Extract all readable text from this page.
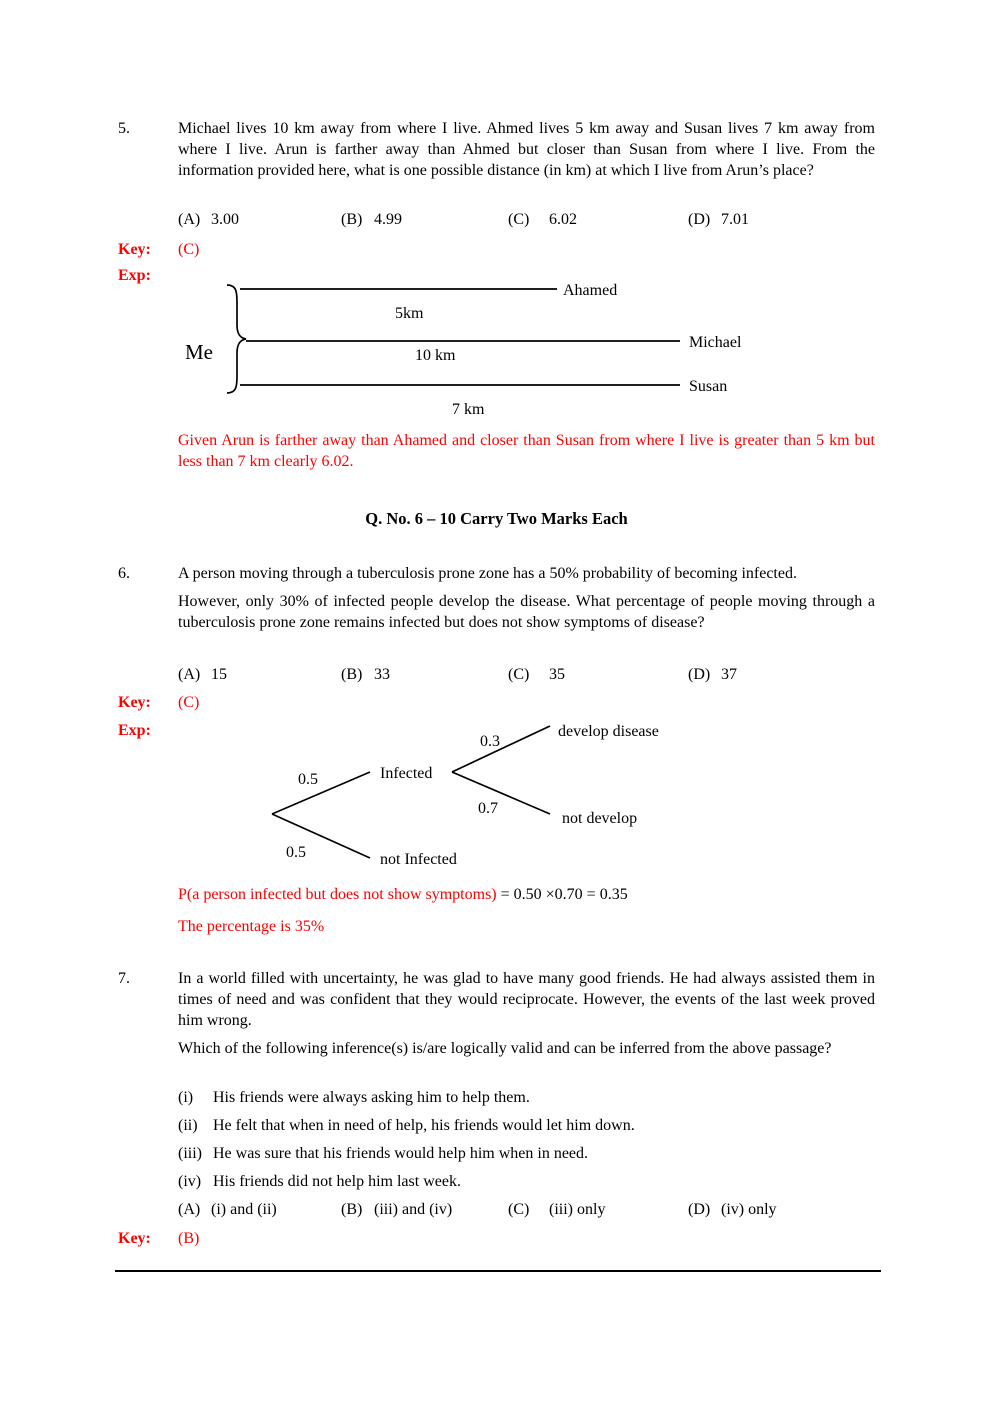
5.	Michael lives 10 km away from where I live. Ahmed lives 5 km away and Susan lives 7 km away from where I live. Arun is farther away than Ahmed but closer than Susan from where I live. From the information provided here, what is one possible distance (in km) at which I live from Arun’s place?
(A) 3.00	(B) 4.99	(C) 6.02	(D) 7.01
Key:	(C)
Exp:
Me
Ahamed
5km
Michael
10 km
Susan
7 km
Given Arun is farther away than Ahamed and closer than Susan from where I live is greater than 5 km but less than 7 km clearly 6.02.
Q. No. 6 – 10 Carry Two Marks Each
6.	A person moving through a tuberculosis prone zone has a 50% probability of becoming infected.
However, only 30% of infected people develop the disease. What percentage of people moving through a tuberculosis prone zone remains infected but does not show symptoms of disease?
(A) 15	(B) 33	(C) 35	(D) 37
Key:	(C)
Exp:
0.5
0.5
Infected
not Infected
0.3
0.7
develop disease
not develop
P(a person infected but does not show symptoms) = 0.50 ×0.70 = 0.35
The percentage is 35%
7.	In a world filled with uncertainty, he was glad to have many good friends. He had always assisted them in times of need and was confident that they would reciprocate. However, the events of the last week proved him wrong.
Which of the following inference(s) is/are logically valid and can be inferred from the above passage?
(i) His friends were always asking him to help them.
(ii) He felt that when in need of help, his friends would let him down.
(iii) He was sure that his friends would help him when in need.
(iv) His friends did not help him last week.
(A) (i) and (ii)	(B) (iii) and (iv)	(C) (iii) only	(D) (iv) only
Key:	(B)
